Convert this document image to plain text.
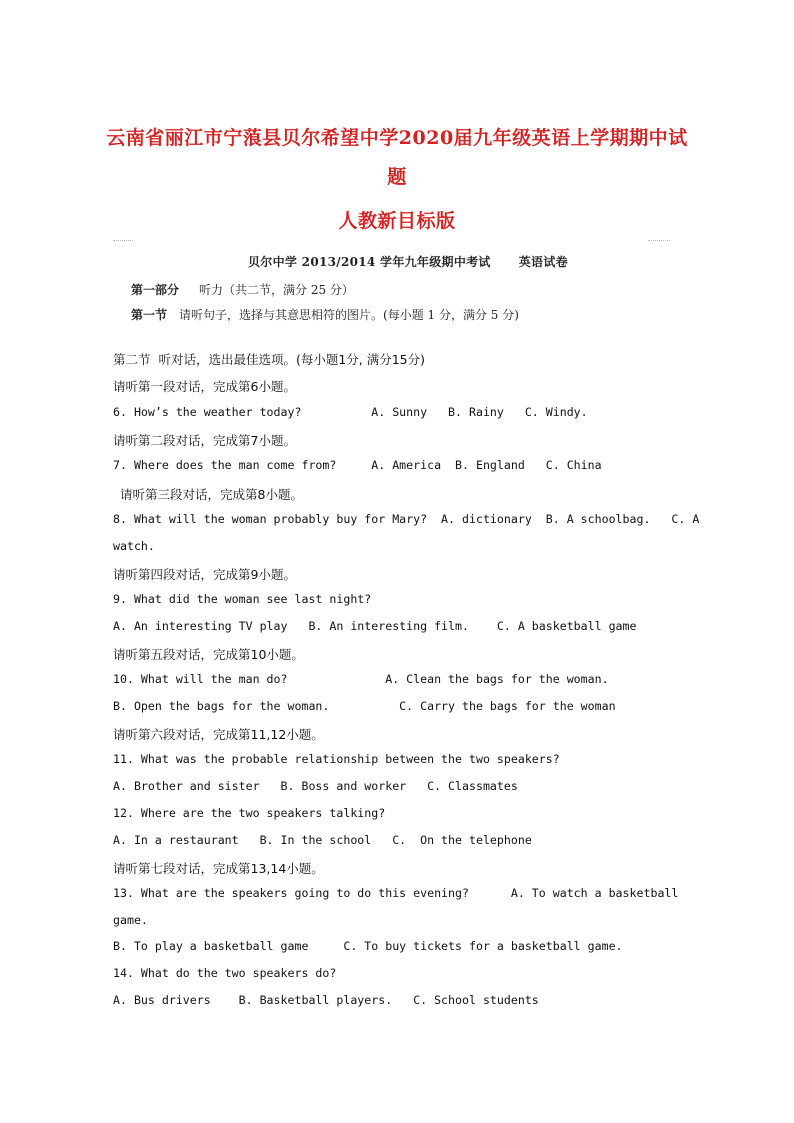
云南省丽江市宁蒗县贝尔希望中学2020届九年级英语上学期期中试
题
人教新目标版
贝尔中学 2013/2014 学年九年级期中考试 英语试卷
第一部分 听力（共二节，满分 25 分）
第一节 请听句子，选择与其意思相符的图片。(每小题 1 分，满分 5 分)
第二节  听对话，选出最佳选项。(每小题1分, 满分15分)
请听第一段对话，完成第6小题。
6. How’s the weather today?          A. Sunny   B. Rainy   C. Windy.
请听第二段对话，完成第7小题。
7. Where does the man come from?     A. America  B. England   C. China
请听第三段对话，完成第8小题。
8. What will the woman probably buy for Mary?  A. dictionary  B. A schoolbag.   C. A
watch.
请听第四段对话，完成第9小题。
9. What did the woman see last night?
A. An interesting TV play   B. An interesting film.    C. A basketball game
请听第五段对话，完成第10小题。
10. What will the man do?              A. Clean the bags for the woman.
B. Open the bags for the woman.          C. Carry the bags for the woman
请听第六段对话，完成第11,12小题。
11. What was the probable relationship between the two speakers?
A. Brother and sister   B. Boss and worker   C. Classmates
12. Where are the two speakers talking?
A. In a restaurant   B. In the school   C.  On the telephone
请听第七段对话，完成第13,14小题。
13. What are the speakers going to do this evening?      A. To watch a basketball
game.
B. To play a basketball game     C. To buy tickets for a basketball game.
14. What do the two speakers do?
A. Bus drivers    B. Basketball players.   C. School students
